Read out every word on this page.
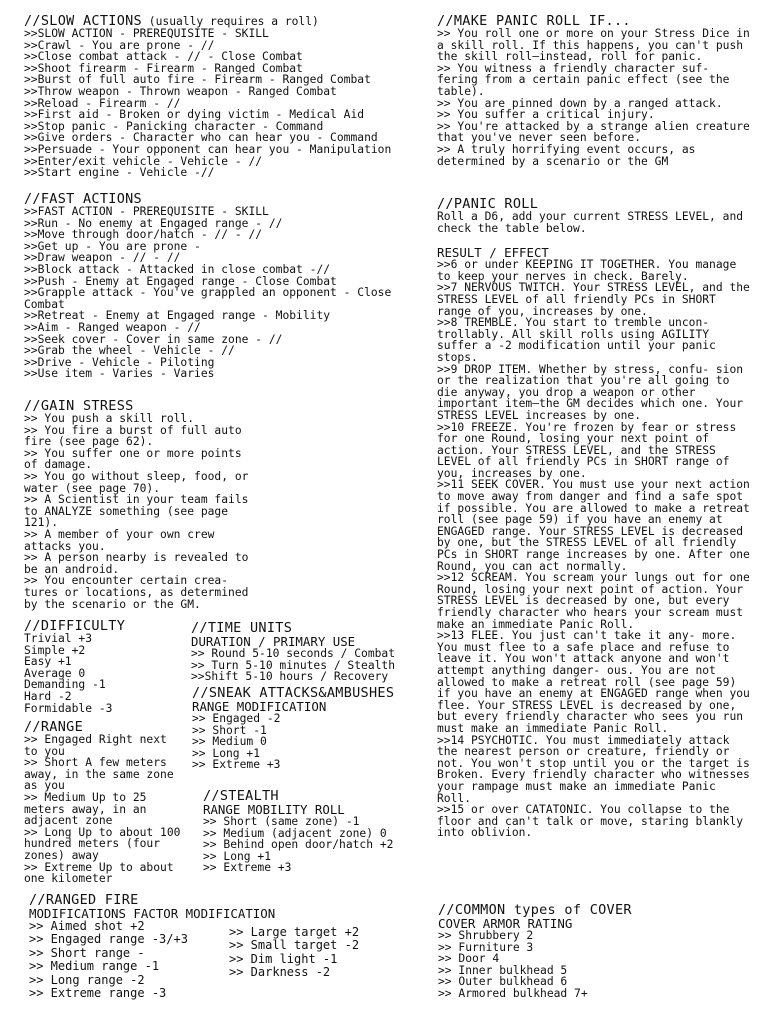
//SLOW ACTIONS (usually requires a roll)
>>SLOW ACTION - PREREQUISITE - SKILL
>>Crawl - You are prone - //
>>Close combat attack - // - Close Combat
>>Shoot firearm - Firearm - Ranged Combat
>>Burst of full auto fire - Firearm - Ranged Combat
>>Throw weapon - Thrown weapon - Ranged Combat
>>Reload - Firearm - //
>>First aid - Broken or dying victim - Medical Aid
>>Stop panic - Panicking character - Command
>>Give orders - Character who can hear you - Command
>>Persuade - Your opponent can hear you - Manipulation
>>Enter/exit vehicle - Vehicle - //
>>Start engine - Vehicle -//
//FAST ACTIONS
>>FAST ACTION - PREREQUISITE - SKILL
>>Run - No enemy at Engaged range - //
>>Move through door/hatch - // - //
>>Get up - You are prone -
>>Draw weapon - // - //
>>Block attack - Attacked in close combat -//
>>Push - Enemy at Engaged range - Close Combat
>>Grapple attack - You've grappled an opponent - Close
Combat
>>Retreat - Enemy at Engaged range - Mobility
>>Aim - Ranged weapon - //
>>Seek cover - Cover in same zone - //
>>Grab the wheel - Vehicle - //
>>Drive - Vehicle - Piloting
>>Use item - Varies - Varies
//GAIN STRESS
>> You push a skill roll.
>> You fire a burst of full auto
fire (see page 62).
>> You suffer one or more points
of damage.
>> You go without sleep, food, or
water (see page 70).
>> A Scientist in your team fails
to ANALYZE something (see page
121).
>> A member of your own crew
attacks you.
>> A person nearby is revealed to
be an android.
>> You encounter certain crea-
tures or locations, as determined
by the scenario or the GM.
//DIFFICULTY
Trivial +3
Simple +2
Easy +1
Average 0
Demanding -1
Hard -2
Formidable -3
//RANGE
>> Engaged Right next
to you
>> Short A few meters
away, in the same zone
as you
>> Medium Up to 25
meters away, in an
adjacent zone
>> Long Up to about 100
hundred meters (four
zones) away
>> Extreme Up to about
one kilometer
//TIME UNITS
DURATION / PRIMARY USE
>> Round 5-10 seconds / Combat
>> Turn 5-10 minutes / Stealth
>>Shift 5-10 hours / Recovery
//SNEAK ATTACKS&AMBUSHES
RANGE MODIFICATION
>> Engaged -2
>> Short -1
>> Medium 0
>> Long +1
>> Extreme +3
//STEALTH
RANGE MOBILITY ROLL
>> Short (same zone) -1
>> Medium (adjacent zone) 0
>> Behind open door/hatch +2
>> Long +1
>> Extreme +3
//RANGED FIRE
MODIFICATIONS FACTOR MODIFICATION
>> Aimed shot +2
>> Engaged range -3/+3
>> Short range -
>> Medium range -1
>> Long range -2
>> Extreme range -3
>> Large target +2
>> Small target -2
>> Dim light -1
>> Darkness -2
//MAKE PANIC ROLL IF...
>> You roll one or more on your Stress Dice in a skill roll. If this happens, you can't push the skill roll—instead, roll for panic.
>> You witness a friendly character suf- fering from a certain panic effect (see the table).
>> You are pinned down by a ranged attack.
>> You suffer a critical injury.
>> You're attacked by a strange alien creature that you've never seen before.
>> A truly horrifying event occurs, as determined by a scenario or the GM
//PANIC ROLL
Roll a D6, add your current STRESS LEVEL, and check the table below.
RESULT / EFFECT
>>6 or under KEEPING IT TOGETHER. You manage to keep your nerves in check. Barely.
>>7 NERVOUS TWITCH. Your STRESS LEVEL, and the STRESS LEVEL of all friendly PCs in SHORT range of you, increases by one.
>>8 TREMBLE. You start to tremble uncon- trollably. All skill rolls using AGILITY suffer a -2 modification until your panic stops.
>>9 DROP ITEM. Whether by stress, confu- sion or the realization that you're all going to die anyway, you drop a weapon or other important item—the GM decides which one. Your STRESS LEVEL increases by one.
>>10 FREEZE. You're frozen by fear or stress for one Round, losing your next point of action. Your STRESS LEVEL, and the STRESS LEVEL of all friendly PCs in SHORT range of you, increases by one.
>>11 SEEK COVER. You must use your next action to move away from danger and find a safe spot if possible. You are allowed to make a retreat roll (see page 59) if you have an enemy at ENGAGED range. Your STRESS LEVEL is decreased by one, but the STRESS LEVEL of all friendly PCs in SHORT range increases by one. After one Round, you can act normally.
>>12 SCREAM. You scream your lungs out for one Round, losing your next point of action. Your STRESS LEVEL is decreased by one, but every friendly character who hears your scream must make an immediate Panic Roll.
>>13 FLEE. You just can't take it any- more. You must flee to a safe place and refuse to leave it. You won't attack anyone and won't attempt anything danger- ous. You are not allowed to make a retreat roll (see page 59) if you have an enemy at ENGAGED range when you flee. Your STRESS LEVEL is decreased by one, but every friendly character who sees you run must make an immediate Panic Roll.
>>14 PSYCHOTIC. You must immediately attack the nearest person or creature, friendly or not. You won't stop until you or the target is Broken. Every friendly character who witnesses your rampage must make an immediate Panic Roll.
>>15 or over CATATONIC. You collapse to the floor and can't talk or move, staring blankly into oblivion.
//COMMON types of COVER
COVER ARMOR RATING
>> Shrubbery 2
>> Furniture 3
>> Door 4
>> Inner bulkhead 5
>> Outer bulkhead 6
>> Armored bulkhead 7+
